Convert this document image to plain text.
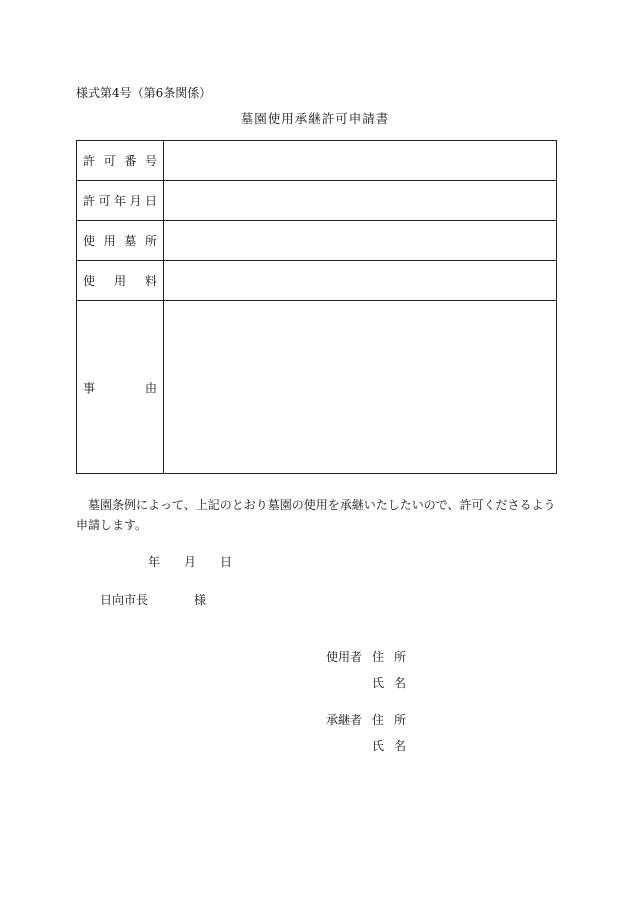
様式第4号（第6条関係）
墓園使用承継許可申請書
許 可 番 号	

許 可 年 月 日	

使 用 墓 所	

使 用 料	

事 由	

墓園条例によって、上記のとおり墓園の使用を承継いたしたいので、許可くださるよう申請します。
年 月 日
日向市長	様
使用者 住所
氏名
承継者 住所
氏名
